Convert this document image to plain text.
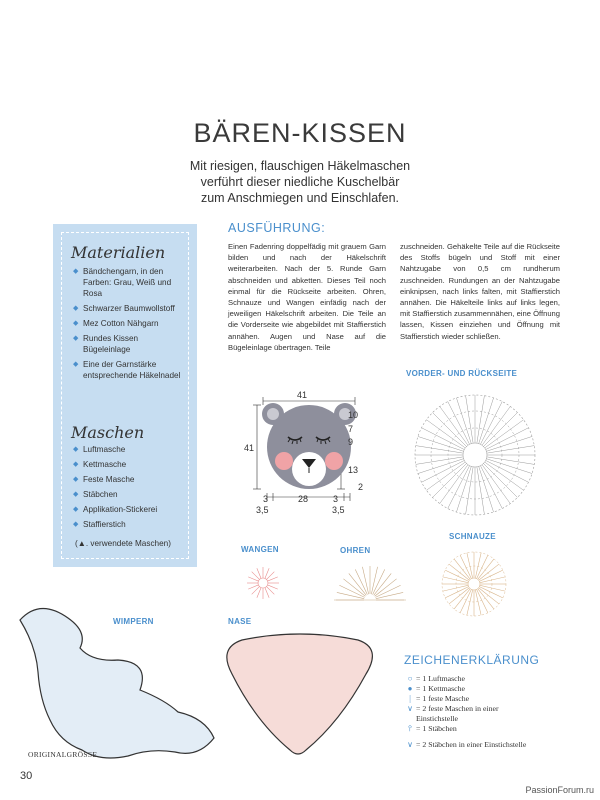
BÄREN-KISSEN
Mit riesigen, flauschigen Häkelmaschen
verführt dieser niedliche Kuschelbär
zum Anschmiegen und Einschlafen.
Materialien
◆ Bändchengarn, in den Farben: Grau, Weiß und Rosa
◆ Schwarzer Baumwollstoff
◆ Mez Cotton Nähgarn
◆ Rundes Kissen Bügeleinlage
◆ Eine der Garnstärke entsprechende Häkelnadel
Maschen
◆ Luftmasche
◆ Kettmasche
◆ Feste Masche
◆ Stäbchen
◆ Applikation-Stickerei
◆ Staffierstich
(▲. verwendete Maschen)
AUSFÜHRUNG:
Einen Fadenring doppelfädig mit grauem Garn bilden und nach der Häkelschrift weiterarbeiten. Nach der 5. Runde Garn abschneiden und abketten. Dieses Teil noch einmal für die Rückseite arbeiten. Ohren, Schnauze und Wangen einfädig nach der jeweiligen Häkelschrift arbeiten. Die Teile an die Vorderseite wie abgebildet mit Staffierstich annähen. Augen und Nase auf die Bügeleinlage übertragen. Teile
zuschneiden. Gehäkelte Teile auf die Rückseite des Stoffs bügeln und Stoff mit einer Nahtzugabe von 0,5 cm rundherum zuschneiden. Rundungen an der Nahtzugabe einknipsen, nach links falten, mit Staffierstich annähen. Die Häkelteile links auf links legen, mit Staffierstich zusammennähen, eine Öffnung lassen, Kissen einziehen und Öffnung mit Staffierstich wieder schließen.
41
41
10
7
9
13
2
3	28	3
3,5	3,5
VORDER- UND RÜCKSEITE
WANGEN	OHREN
SCHNAUZE
WIMPERN	NASE
ZEICHENERKLÄRUNG
○ = 1 Luftmasche
● = 1 Kettmasche
| = 1 feste Masche
∨ = 2 feste Maschen in einer Einstichstelle
⫯ = 1 Stäbchen
∨ = 2 Stäbchen in einer Einstichstelle
ORIGINALGRÖSSE
30
PassionForum.ru
